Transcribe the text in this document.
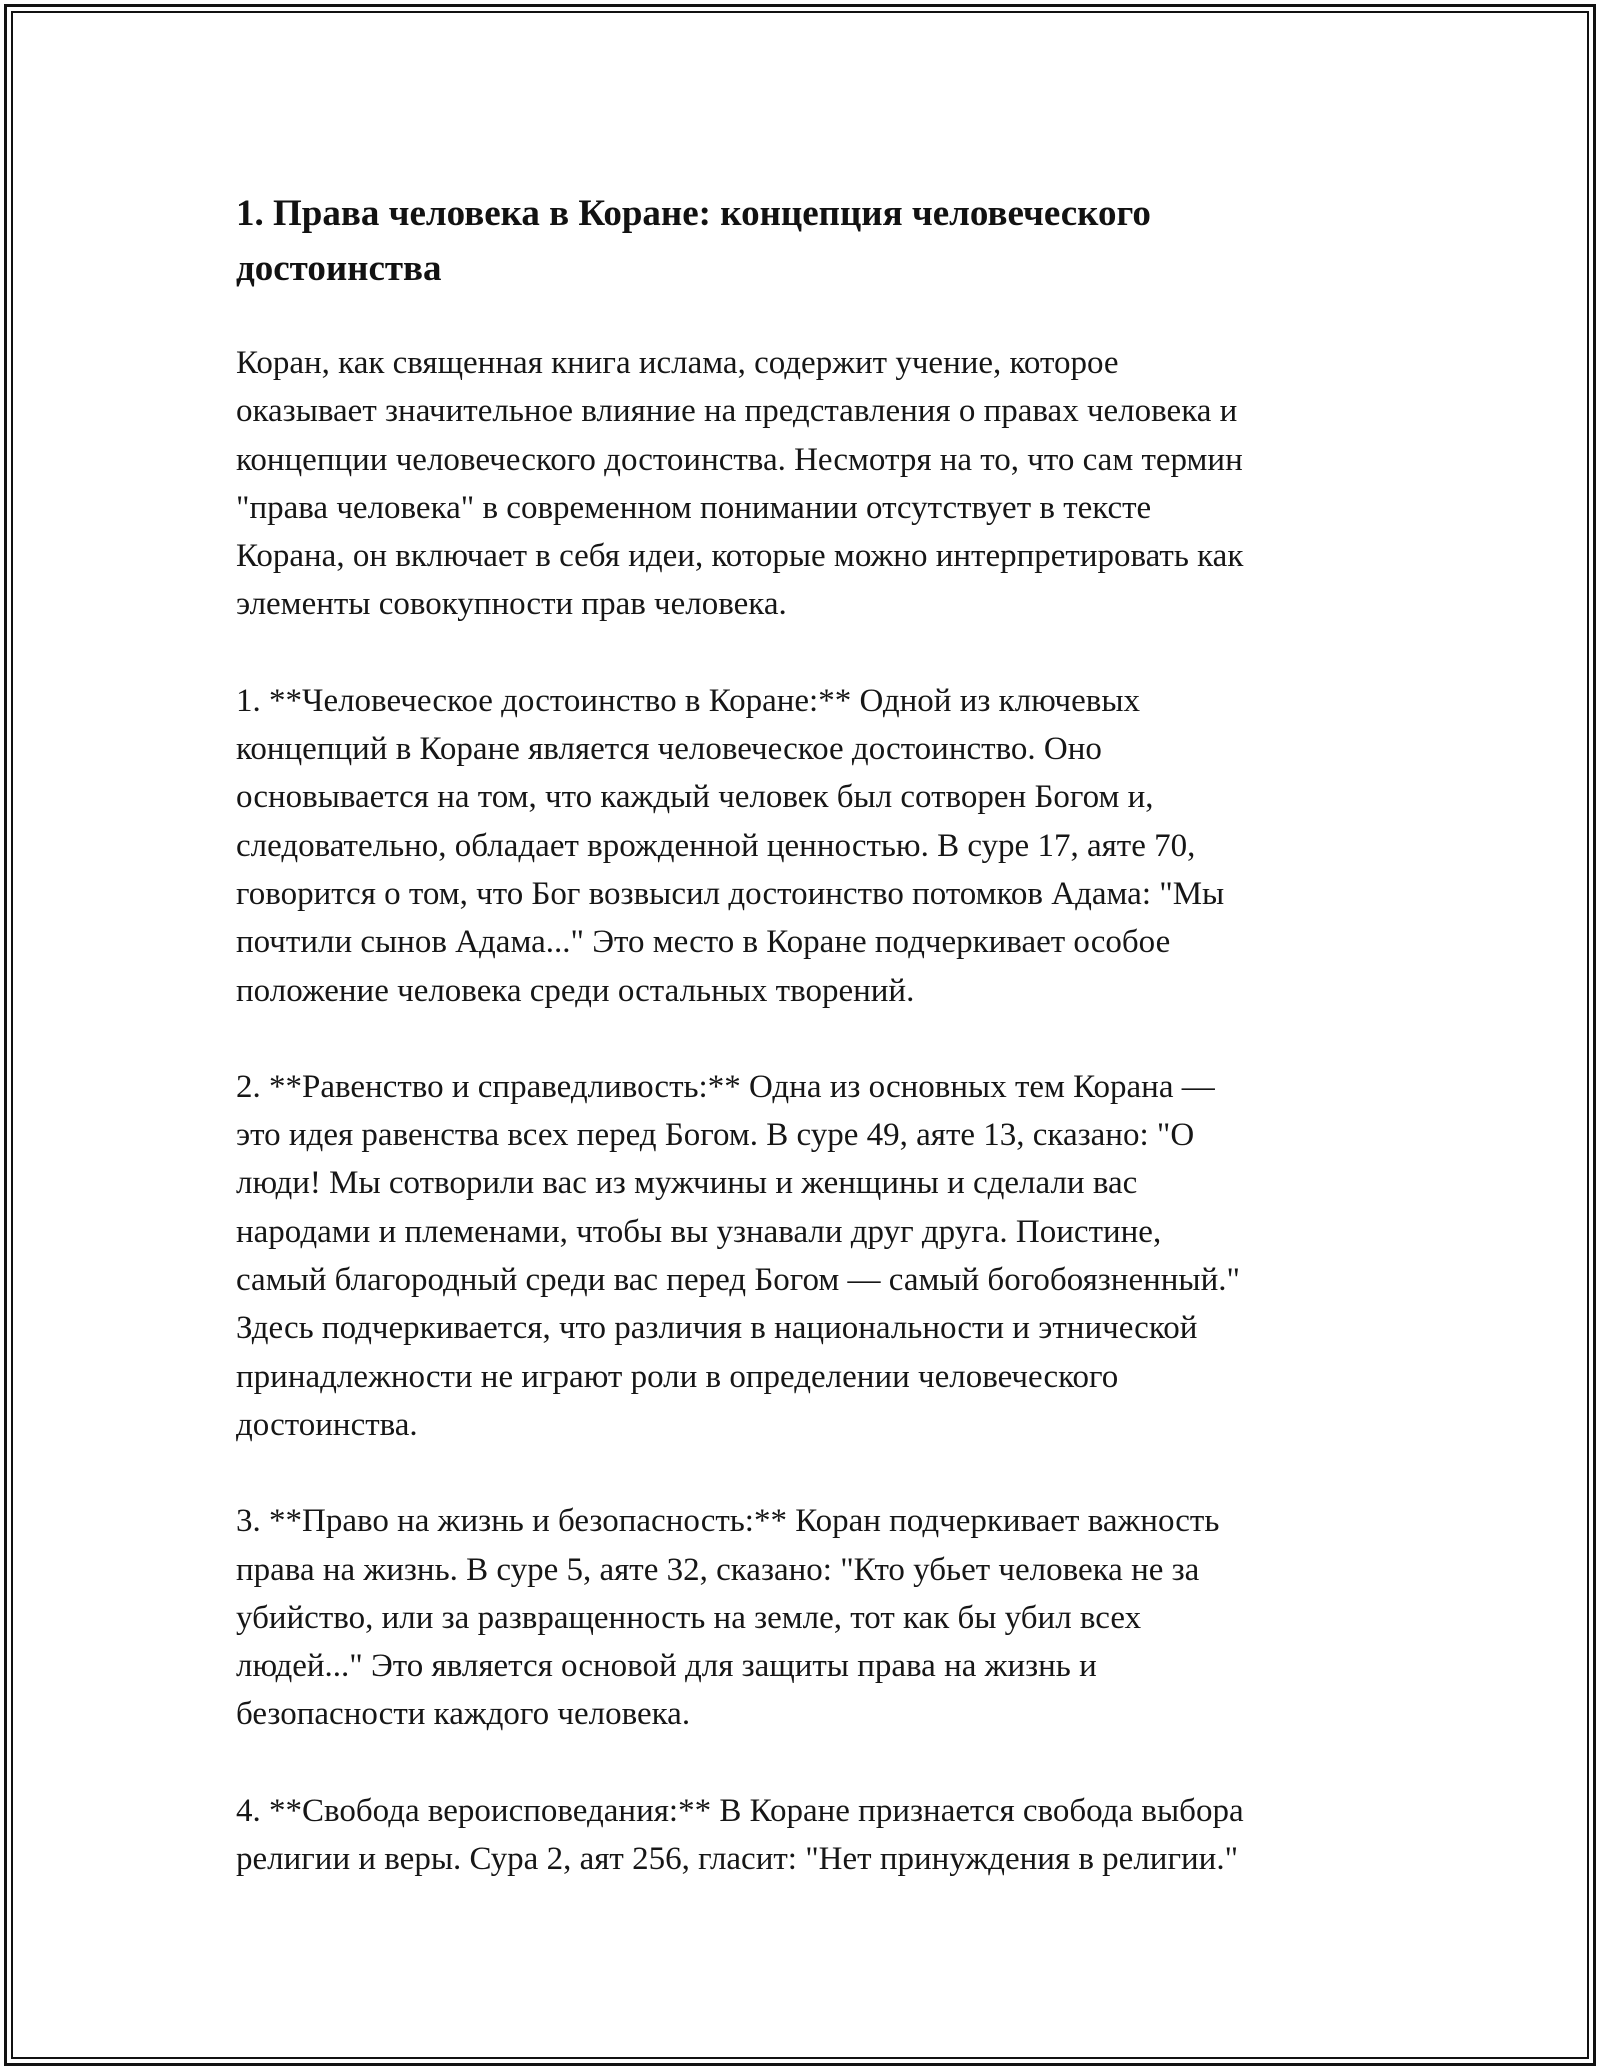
1. Права человека в Коране: концепция человеческого
достоинства

Коран, как священная книга ислама, содержит учение, которое
оказывает значительное влияние на представления о правах человека и
концепции человеческого достоинства. Несмотря на то, что сам термин
"права человека" в современном понимании отсутствует в тексте
Корана, он включает в себя идеи, которые можно интерпретировать как
элементы совокупности прав человека.

1. **Человеческое достоинство в Коране:** Одной из ключевых
концепций в Коране является человеческое достоинство. Оно
основывается на том, что каждый человек был сотворен Богом и,
следовательно, обладает врожденной ценностью. В суре 17, аяте 70,
говорится о том, что Бог возвысил достоинство потомков Адама: "Мы
почтили сынов Адама..." Это место в Коране подчеркивает особое
положение человека среди остальных творений.

2. **Равенство и справедливость:** Одна из основных тем Корана —
это идея равенства всех перед Богом. В суре 49, аяте 13, сказано: "О
люди! Мы сотворили вас из мужчины и женщины и сделали вас
народами и племенами, чтобы вы узнавали друг друга. Поистине,
самый благородный среди вас перед Богом — самый богобоязненный."
Здесь подчеркивается, что различия в национальности и этнической
принадлежности не играют роли в определении человеческого
достоинства.

3. **Право на жизнь и безопасность:** Коран подчеркивает важность
права на жизнь. В суре 5, аяте 32, сказано: "Кто убьет человека не за
убийство, или за развращенность на земле, тот как бы убил всех
людей..." Это является основой для защиты права на жизнь и
безопасности каждого человека.

4. **Свобода вероисповедания:** В Коране признается свобода выбора
религии и веры. Сура 2, аят 256, гласит: "Нет принуждения в религии."
